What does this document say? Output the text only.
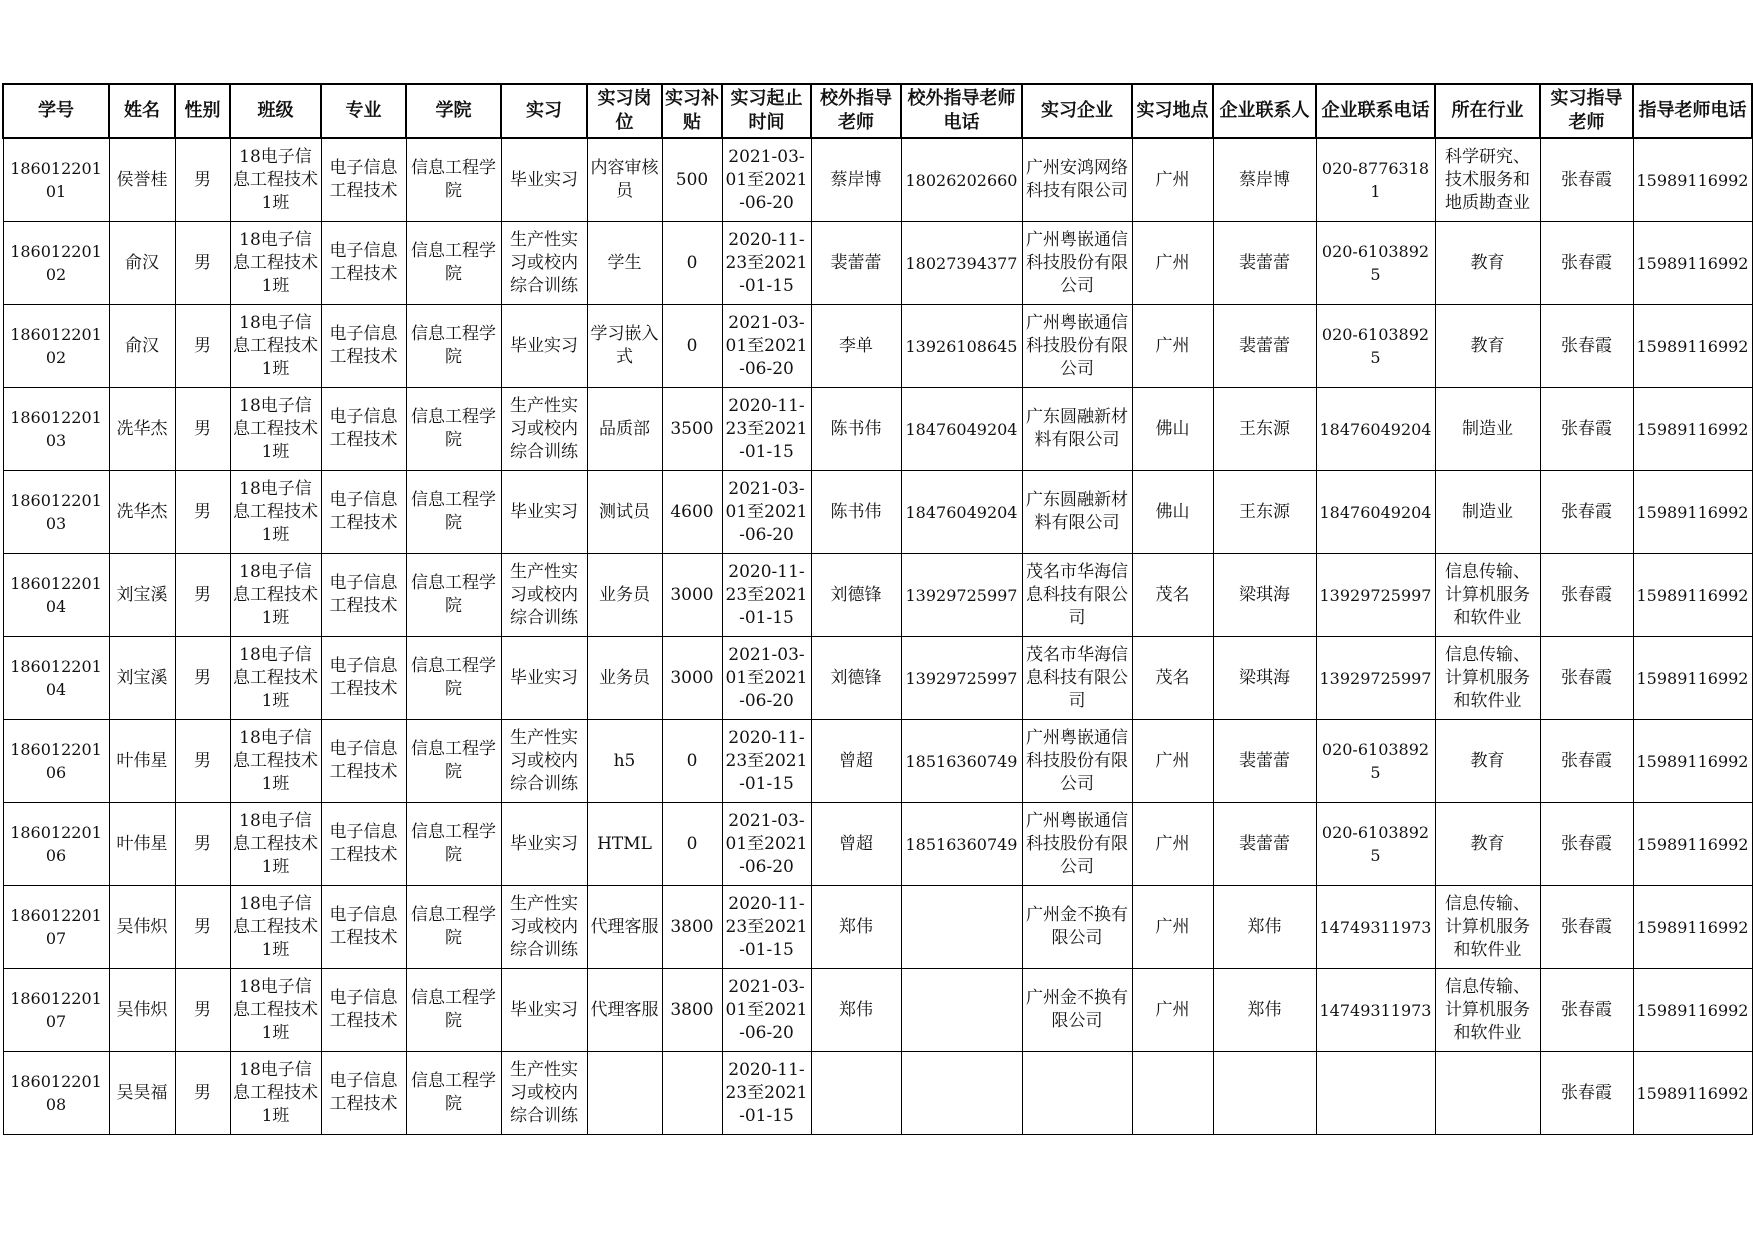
学号	姓名	性别	班级	专业	学院	实习	实习岗位	实习补贴	实习起止时间	校外指导老师	校外指导老师电话	实习企业	实习地点	企业联系人	企业联系电话	所在行业	实习指导老师	指导老师电话

18601220101	侯誉桂	男	18电子信息工程技术1班	电子信息工程技术	信息工程学院	毕业实习	内容审核员	500	2021-03-01至2021-06-20	蔡岸博	18026202660	广州安鸿网络科技有限公司	广州	蔡岸博	020-87763181	科学研究、技术服务和地质勘查业	张春霞	15989116992

18601220102	俞汉	男	18电子信息工程技术1班	电子信息工程技术	信息工程学院	生产性实习或校内综合训练	学生	0	2020-11-23至2021-01-15	裴蕾蕾	18027394377	广州粤嵌通信科技股份有限公司	广州	裴蕾蕾	020-61038925	教育	张春霞	15989116992

18601220102	俞汉	男	18电子信息工程技术1班	电子信息工程技术	信息工程学院	毕业实习	学习嵌入式	0	2021-03-01至2021-06-20	李单	13926108645	广州粤嵌通信科技股份有限公司	广州	裴蕾蕾	020-61038925	教育	张春霞	15989116992

18601220103	冼华杰	男	18电子信息工程技术1班	电子信息工程技术	信息工程学院	生产性实习或校内综合训练	品质部	3500	2020-11-23至2021-01-15	陈书伟	18476049204	广东圆融新材料有限公司	佛山	王东源	18476049204	制造业	张春霞	15989116992

18601220103	冼华杰	男	18电子信息工程技术1班	电子信息工程技术	信息工程学院	毕业实习	测试员	4600	2021-03-01至2021-06-20	陈书伟	18476049204	广东圆融新材料有限公司	佛山	王东源	18476049204	制造业	张春霞	15989116992

18601220104	刘宝溪	男	18电子信息工程技术1班	电子信息工程技术	信息工程学院	生产性实习或校内综合训练	业务员	3000	2020-11-23至2021-01-15	刘德锋	13929725997	茂名市华海信息科技有限公司	茂名	梁琪海	13929725997	信息传输、计算机服务和软件业	张春霞	15989116992

18601220104	刘宝溪	男	18电子信息工程技术1班	电子信息工程技术	信息工程学院	毕业实习	业务员	3000	2021-03-01至2021-06-20	刘德锋	13929725997	茂名市华海信息科技有限公司	茂名	梁琪海	13929725997	信息传输、计算机服务和软件业	张春霞	15989116992

18601220106	叶伟星	男	18电子信息工程技术1班	电子信息工程技术	信息工程学院	生产性实习或校内综合训练	h5	0	2020-11-23至2021-01-15	曾超	18516360749	广州粤嵌通信科技股份有限公司	广州	裴蕾蕾	020-61038925	教育	张春霞	15989116992

18601220106	叶伟星	男	18电子信息工程技术1班	电子信息工程技术	信息工程学院	毕业实习	HTML	0	2021-03-01至2021-06-20	曾超	18516360749	广州粤嵌通信科技股份有限公司	广州	裴蕾蕾	020-61038925	教育	张春霞	15989116992

18601220107	吴伟炽	男	18电子信息工程技术1班	电子信息工程技术	信息工程学院	生产性实习或校内综合训练	代理客服	3800	2020-11-23至2021-01-15	郑伟		广州金不换有限公司	广州	郑伟	14749311973	信息传输、计算机服务和软件业	张春霞	15989116992

18601220107	吴伟炽	男	18电子信息工程技术1班	电子信息工程技术	信息工程学院	毕业实习	代理客服	3800	2021-03-01至2021-06-20	郑伟		广州金不换有限公司	广州	郑伟	14749311973	信息传输、计算机服务和软件业	张春霞	15989116992

18601220108	吴昊福	男	18电子信息工程技术1班	电子信息工程技术	信息工程学院	生产性实习或校内综合训练			2020-11-23至2021-01-15								张春霞	15989116992
